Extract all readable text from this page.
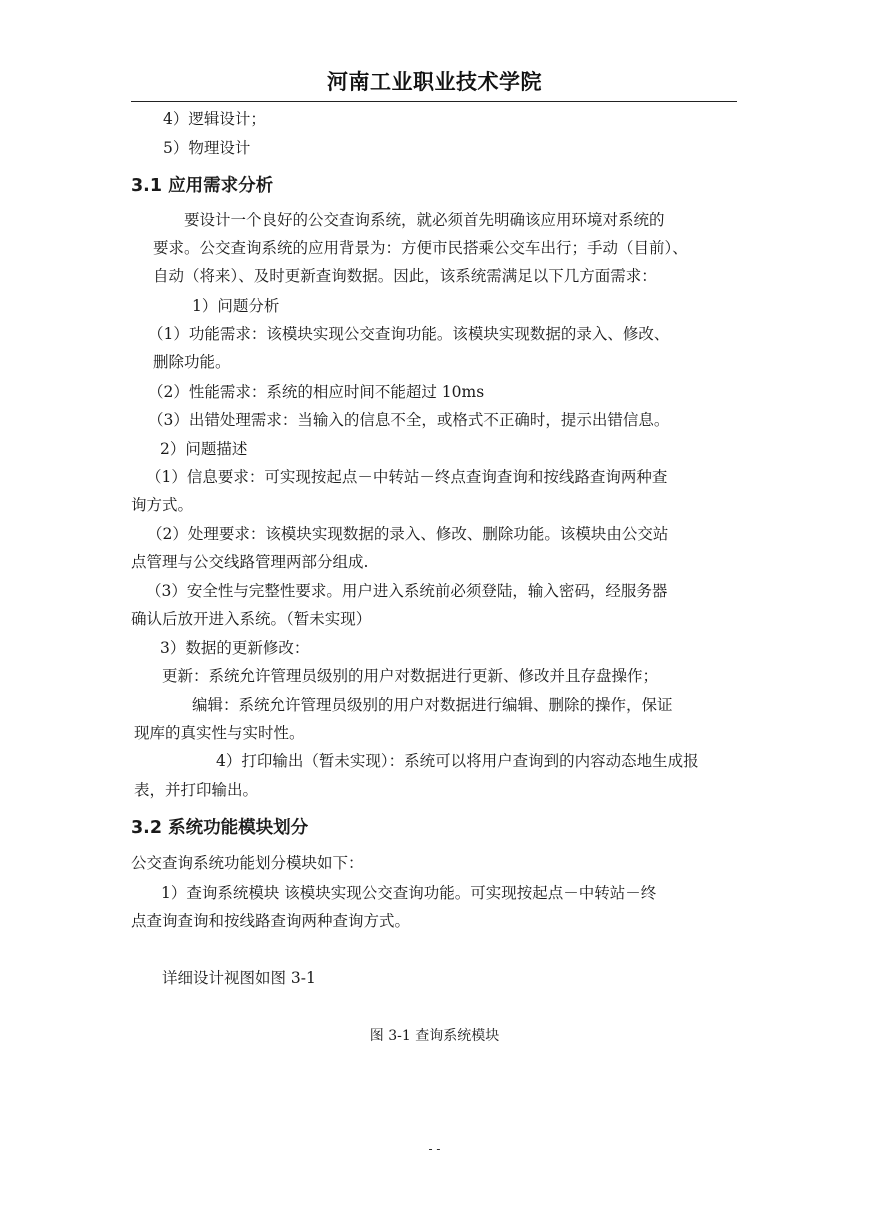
河南工业职业技术学院
4）逻辑设计；
5）物理设计
3.1 应用需求分析
要设计一个良好的公交查询系统，就必须首先明确该应用环境对系统的
要求。公交查询系统的应用背景为：方便市民搭乘公交车出行；手动（目前）、
自动（将来）、及时更新查询数据。因此，该系统需满足以下几方面需求：
1）问题分析
（1）功能需求：该模块实现公交查询功能。该模块实现数据的录入、修改、
删除功能。
（2）性能需求：系统的相应时间不能超过 10ms
（3）出错处理需求：当输入的信息不全，或格式不正确时，提示出错信息。
2）问题描述
（1）信息要求：可实现按起点－中转站－终点查询查询和按线路查询两种查
询方式。
（2）处理要求：该模块实现数据的录入、修改、删除功能。该模块由公交站
点管理与公交线路管理两部分组成.
（3）安全性与完整性要求。用户进入系统前必须登陆，输入密码，经服务器
确认后放开进入系统。（暂未实现）
3）数据的更新修改：
更新：系统允许管理员级别的用户对数据进行更新、修改并且存盘操作；
编辑：系统允许管理员级别的用户对数据进行编辑、删除的操作，保证
现库的真实性与实时性。
4）打印输出（暂未实现）：系统可以将用户查询到的内容动态地生成报
表，并打印输出。
3.2 系统功能模块划分
公交查询系统功能划分模块如下：
1）查询系统模块 该模块实现公交查询功能。可实现按起点－中转站－终
点查询查询和按线路查询两种查询方式。
详细设计视图如图 3-1
图 3-1 查询系统模块
- -
